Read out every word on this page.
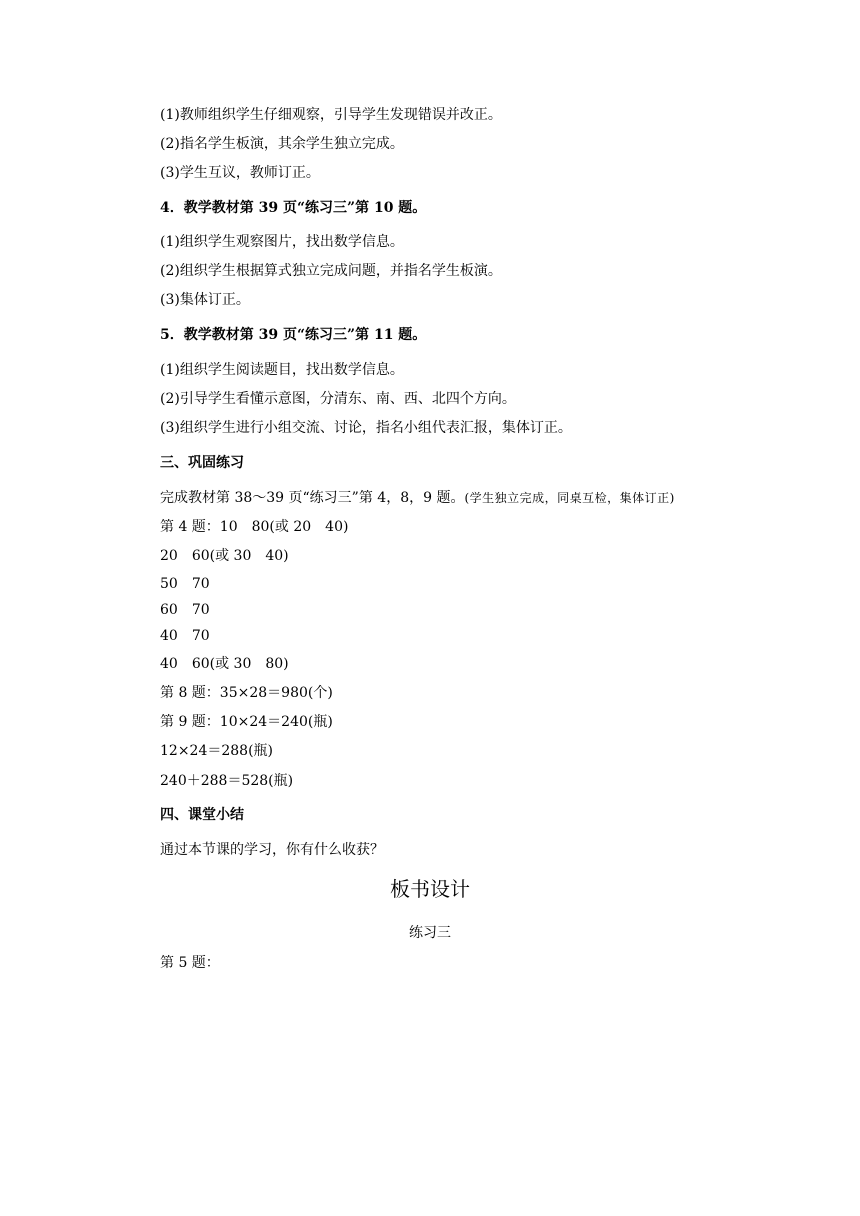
(1)教师组织学生仔细观察，引导学生发现错误并改正。
(2)指名学生板演，其余学生独立完成。
(3)学生互议，教师订正。
4．教学教材第 39 页“练习三”第 10 题。
(1)组织学生观察图片，找出数学信息。
(2)组织学生根据算式独立完成问题，并指名学生板演。
(3)集体订正。
5．教学教材第 39 页“练习三”第 11 题。
(1)组织学生阅读题目，找出数学信息。
(2)引导学生看懂示意图，分清东、南、西、北四个方向。
(3)组织学生进行小组交流、讨论，指名小组代表汇报，集体订正。
三、巩固练习
完成教材第 38～39 页“练习三”第 4，8，9 题。(学生独立完成，同桌互检，集体订正)
第 4 题：10　80(或 20　40)
20　60(或 30　40)
50　70
60　70
40　70
40　60(或 30　80)
第 8 题：35×28＝980(个)
第 9 题：10×24＝240(瓶)
12×24＝288(瓶)
240＋288＝528(瓶)
四、课堂小结
通过本节课的学习，你有什么收获？
板书设计
练习三
第 5 题：
